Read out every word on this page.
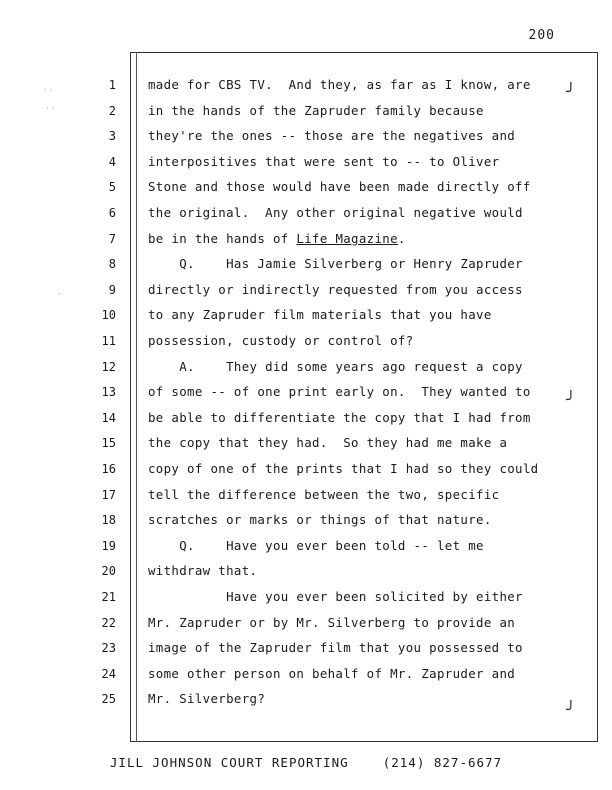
200
· ·
· ·
·
1	made for CBS TV.  And they, as far as I know, are
2	in the hands of the Zapruder family because
3	they're the ones -- those are the negatives and
4	interpositives that were sent to -- to Oliver
5	Stone and those would have been made directly off
6	the original.  Any other original negative would
7	be in the hands of Life Magazine.
8	Q.    Has Jamie Silverberg or Henry Zapruder
9	directly or indirectly requested from you access
10	to any Zapruder film materials that you have
11	possession, custody or control of?
12	A.    They did some years ago request a copy
13	of some -- of one print early on.  They wanted to
14	be able to differentiate the copy that I had from
15	the copy that they had.  So they had me make a
16	copy of one of the prints that I had so they could
17	tell the difference between the two, specific
18	scratches or marks or things of that nature.
19	Q.    Have you ever been told -- let me
20	withdraw that.
21	Have you ever been solicited by either
22	Mr. Zapruder or by Mr. Silverberg to provide an
23	image of the Zapruder film that you possessed to
24	some other person on behalf of Mr. Zapruder and
25	Mr. Silverberg?
╯
╯
╯
JILL JOHNSON COURT REPORTING    (214) 827-6677
